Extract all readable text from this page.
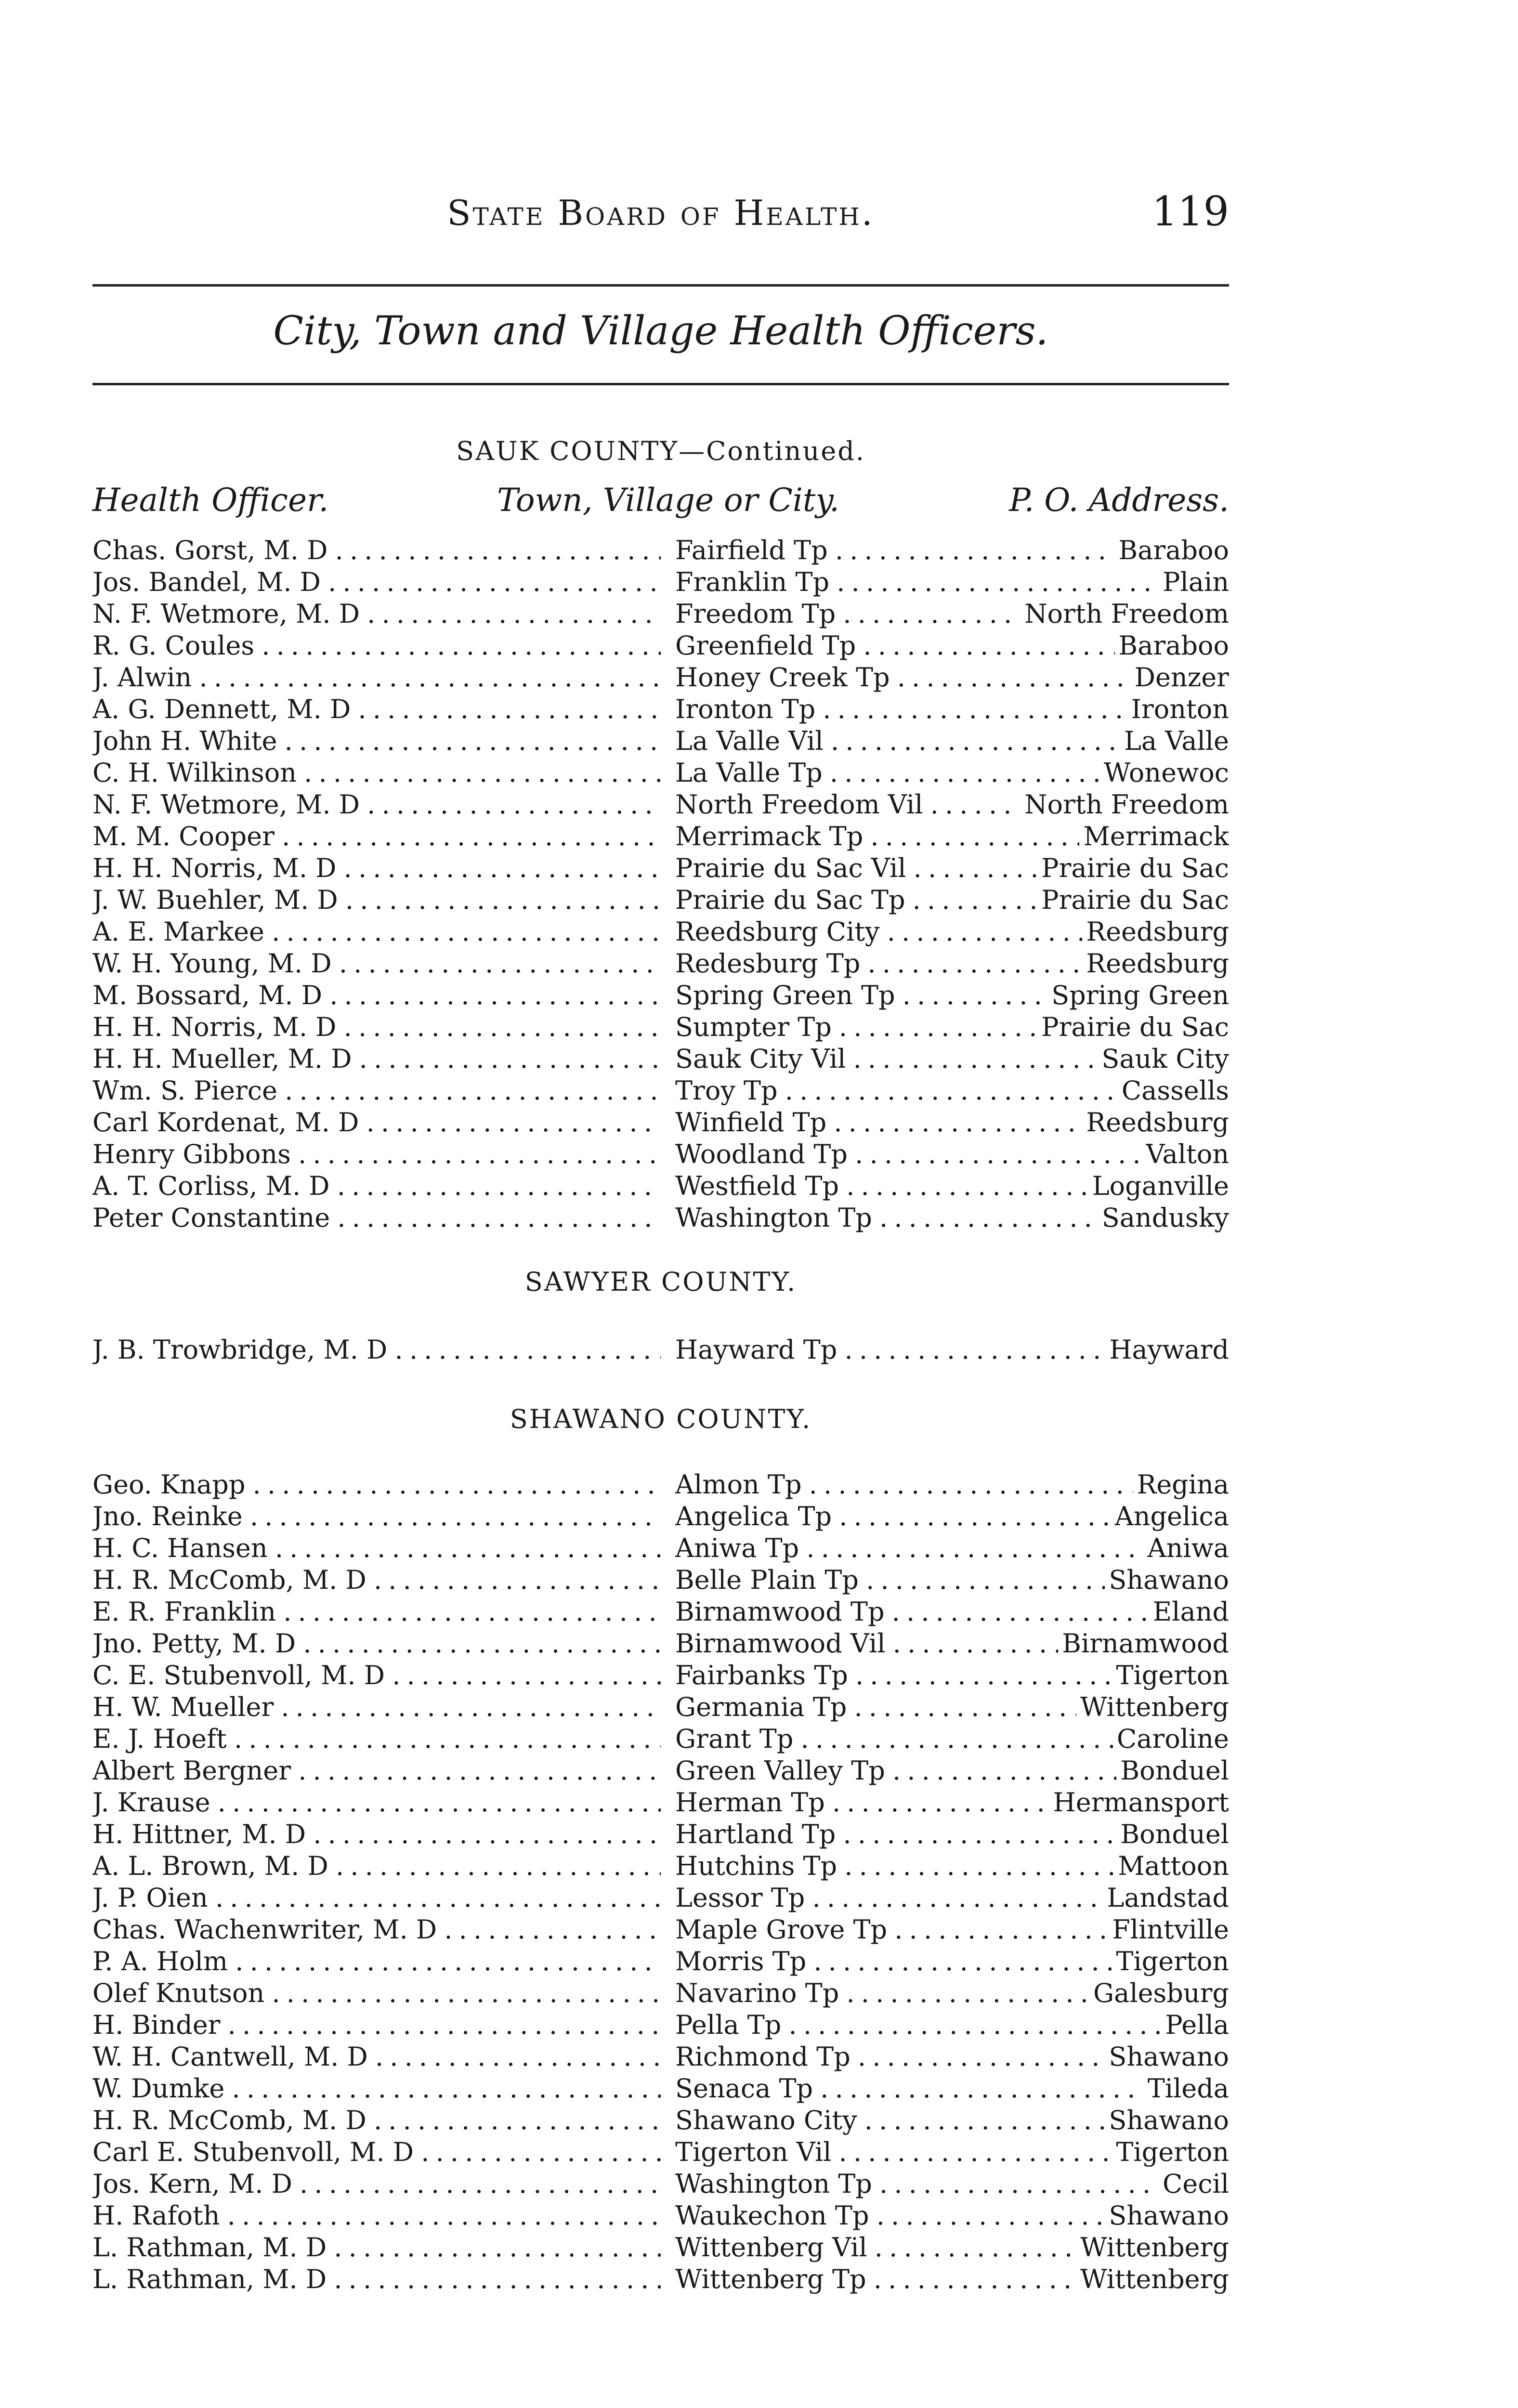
State Board of Health.	119
City, Town and Village Health Officers.
SAUK COUNTY—Continued.
Health Officer.	Town, Village or City.	P. O. Address.
Chas. Gorst, M. D . . .	Fairfield Tp . . .	Baraboo
Jos. Bandel, M. D . . .	Franklin Tp . . .	Plain
N. F. Wetmore, M. D . . .	Freedom Tp . . .	North Freedom
R. G. Coules . . .	Greenfield Tp . . .	Baraboo
J. Alwin . . .	Honey Creek Tp . . .	Denzer
A. G. Dennett, M. D . . .	Ironton Tp . . .	Ironton
John H. White . . .	La Valle Vil . . .	La Valle
C. H. Wilkinson . . .	La Valle Tp . . .	Wonewoc
N. F. Wetmore, M. D . . .	North Freedom Vil . . .	North Freedom
M. M. Cooper . . .	Merrimack Tp . . .	Merrimack
H. H. Norris, M. D . . .	Prairie du Sac Vil . . .	Prairie du Sac
J. W. Buehler, M. D . . .	Prairie du Sac Tp . . .	Prairie du Sac
A. E. Markee . . .	Reedsburg City . . .	Reedsburg
W. H. Young, M. D . . .	Redesburg Tp . . .	Reedsburg
M. Bossard, M. D . . .	Spring Green Tp . . .	Spring Green
H. H. Norris, M. D . . .	Sumpter Tp . . .	Prairie du Sac
H. H. Mueller, M. D . . .	Sauk City Vil . . .	Sauk City
Wm. S. Pierce . . .	Troy Tp . . .	Cassells
Carl Kordenat, M. D . . .	Winfield Tp . . .	Reedsburg
Henry Gibbons . . .	Woodland Tp . . .	Valton
A. T. Corliss, M. D . . .	Westfield Tp . . .	Loganville
Peter Constantine . . .	Washington Tp . . .	Sandusky
SAWYER COUNTY.
J. B. Trowbridge, M. D . . .	Hayward Tp . . .	Hayward
SHAWANO COUNTY.
Geo. Knapp . . .	Almon Tp . . .	Regina
Jno. Reinke . . .	Angelica Tp . . .	Angelica
H. C. Hansen . . .	Aniwa Tp . . .	Aniwa
H. R. McComb, M. D . . .	Belle Plain Tp . . .	Shawano
E. R. Franklin . . .	Birnamwood Tp . . .	Eland
Jno. Petty, M. D . . .	Birnamwood Vil . . .	Birnamwood
C. E. Stubenvoll, M. D . . .	Fairbanks Tp . . .	Tigerton
H. W. Mueller . . .	Germania Tp . . .	Wittenberg
E. J. Hoeft . . .	Grant Tp . . .	Caroline
Albert Bergner . . .	Green Valley Tp . . .	Bonduel
J. Krause . . .	Herman Tp . . .	Hermansport
H. Hittner, M. D . . .	Hartland Tp . . .	Bonduel
A. L. Brown, M. D . . .	Hutchins Tp . . .	Mattoon
J. P. Oien . . .	Lessor Tp . . .	Landstad
Chas. Wachenwriter, M. D . . .	Maple Grove Tp . . .	Flintville
P. A. Holm . . .	Morris Tp . . .	Tigerton
Olef Knutson . . .	Navarino Tp . . .	Galesburg
H. Binder . . .	Pella Tp . . .	Pella
W. H. Cantwell, M. D . . .	Richmond Tp . . .	Shawano
W. Dumke . . .	Senaca Tp . . .	Tileda
H. R. McComb, M. D . . .	Shawano City . . .	Shawano
Carl E. Stubenvoll, M. D . . .	Tigerton Vil . . .	Tigerton
Jos. Kern, M. D . . .	Washington Tp . . .	Cecil
H. Rafoth . . .	Waukechon Tp . . .	Shawano
L. Rathman, M. D . . .	Wittenberg Vil . . .	Wittenberg
L. Rathman, M. D . . .	Wittenberg Tp . . .	Wittenberg
